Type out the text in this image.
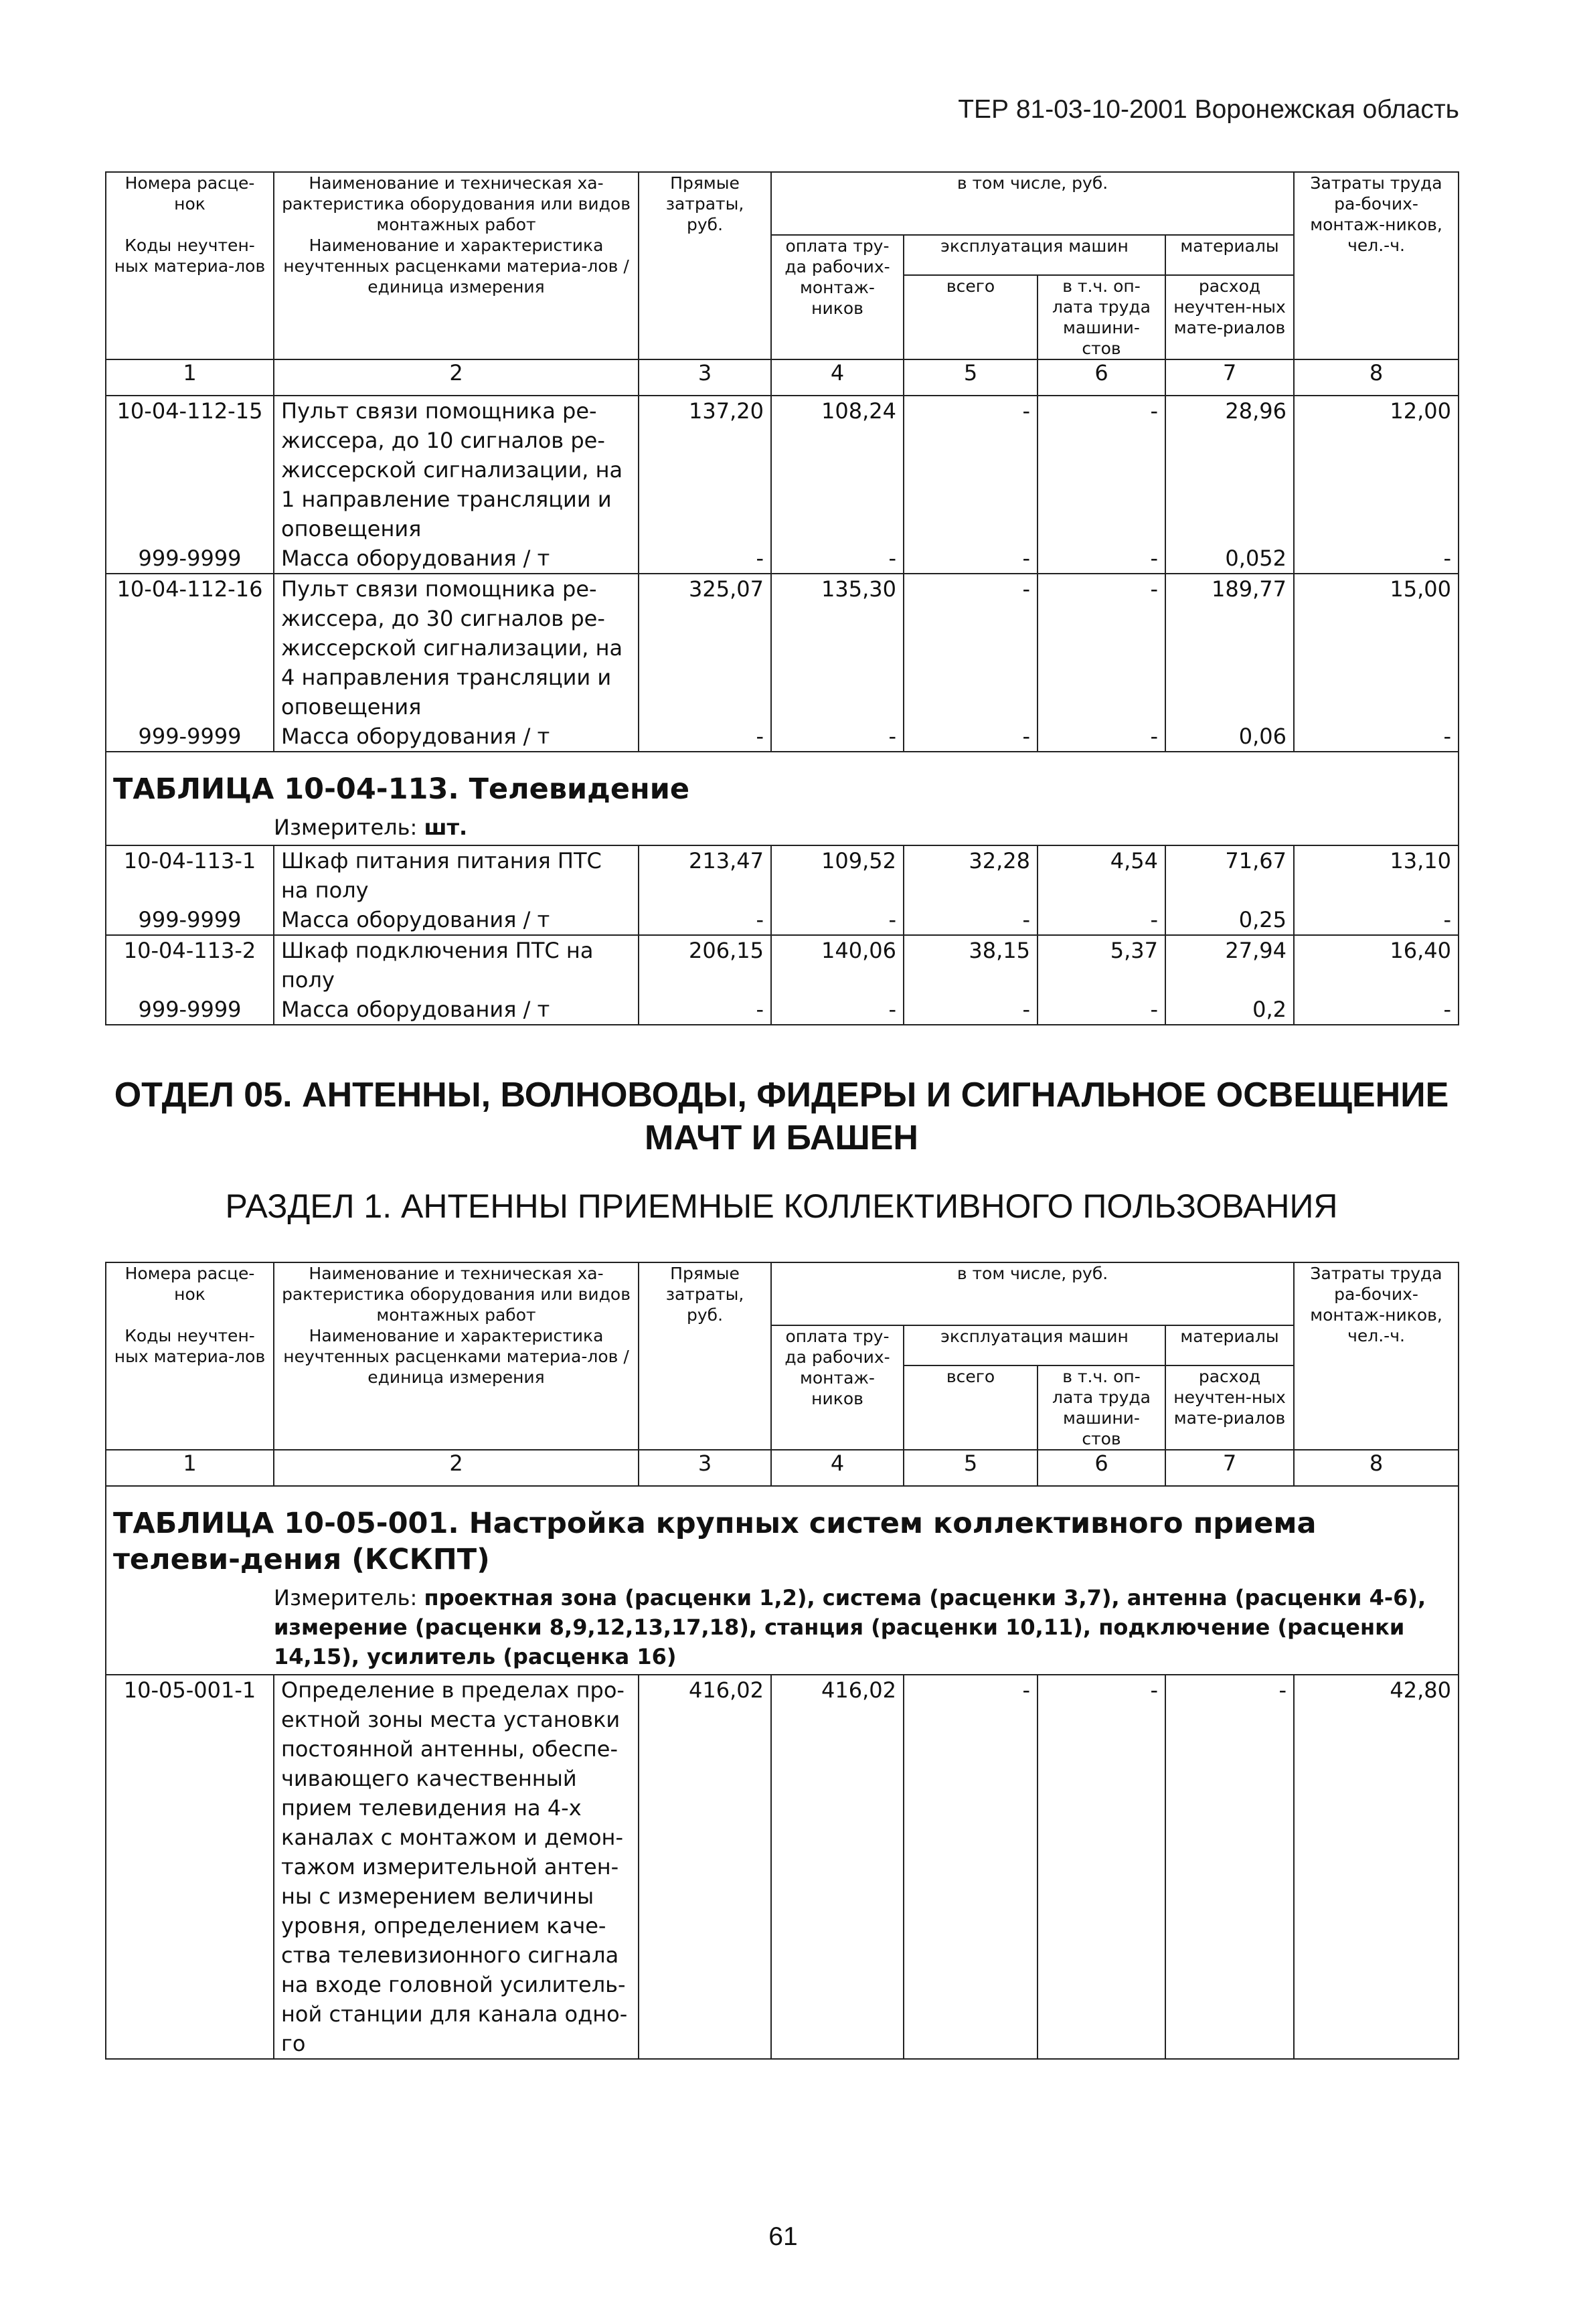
ТЕР 81-03-10-2001 Воронежская область
Номера расце-нок	Наименование и техническая ха-рактеристика оборудования или видов монтажных работ	Прямые затраты, руб.	в том числе, руб.				Затраты труда ра-бочих-монтаж-ников, чел.-ч.
Коды неучтен-ных материа-лов	Наименование и характеристика неучтенных расценками материа-лов / единица измерения		оплата тру-да рабочих-монтаж-ников	эксплуатация машин		материалы	
				всего	в т.ч. оп-лата труда машини-стов	расход неучтен-ных мате-риалов	
1	2	3	4	5	6	7	8
10-04-112-15	Пульт связи помощника ре-жиссера, до 10 сигналов ре-жиссерской сигнализации, на 1 направление трансляции и оповещения	137,20	108,24	-	-	28,96	12,00
999-9999	Масса оборудования / т	-	-	-	-	0,052	-
10-04-112-16	Пульт связи помощника ре-жиссера, до 30 сигналов ре-жиссерской сигнализации, на 4 направления трансляции и оповещения	325,07	135,30	-	-	189,77	15,00
999-9999	Масса оборудования / т	-	-	-	-	0,06	-
ТАБЛИЦА 10-04-113. Телевидение							
Измеритель: шт.							
10-04-113-1	Шкаф питания питания ПТС на полу	213,47	109,52	32,28	4,54	71,67	13,10
999-9999	Масса оборудования / т	-	-	-	-	0,25	-
10-04-113-2	Шкаф подключения ПТС на полу	206,15	140,06	38,15	5,37	27,94	16,40
999-9999	Масса оборудования / т	-	-	-	-	0,2	-
ОТДЕЛ 05. АНТЕННЫ, ВОЛНОВОДЫ, ФИДЕРЫ И СИГНАЛЬНОЕ ОСВЕЩЕНИЕ
МАЧТ И БАШЕН
РАЗДЕЛ 1. АНТЕННЫ ПРИЕМНЫЕ КОЛЛЕКТИВНОГО ПОЛЬЗОВАНИЯ
Номера расце-нок	Наименование и техническая ха-рактеристика оборудования или видов монтажных работ	Прямые затраты, руб.	в том числе, руб.				Затраты труда ра-бочих-монтаж-ников, чел.-ч.
Коды неучтен-ных материа-лов	Наименование и характеристика неучтенных расценками материа-лов / единица измерения		оплата тру-да рабочих-монтаж-ников	эксплуатация машин		материалы	
				всего	в т.ч. оп-лата труда машини-стов	расход неучтен-ных мате-риалов	
1	2	3	4	5	6	7	8
ТАБЛИЦА 10-05-001. Настройка крупных систем коллективного приема телеви-дения (КСКПТ)							
Измеритель: проектная зона (расценки 1,2), система (расценки 3,7), антенна (расценки 4-6), измерение (расценки 8,9,12,13,17,18), станция (расценки 10,11), подключение (расценки 14,15), усилитель (расценка 16)							
10-05-001-1	Определение в пределах про-ектной зоны места установки постоянной антенны, обеспе-чивающего качественный прием телевидения на 4-х каналах с монтажом и демон-тажом измерительной антен-ны с измерением величины уровня, определением каче-ства телевизионного сигнала на входе головной усилитель-ной станции для канала одно-го	416,02	416,02	-	-	-	42,80
61
